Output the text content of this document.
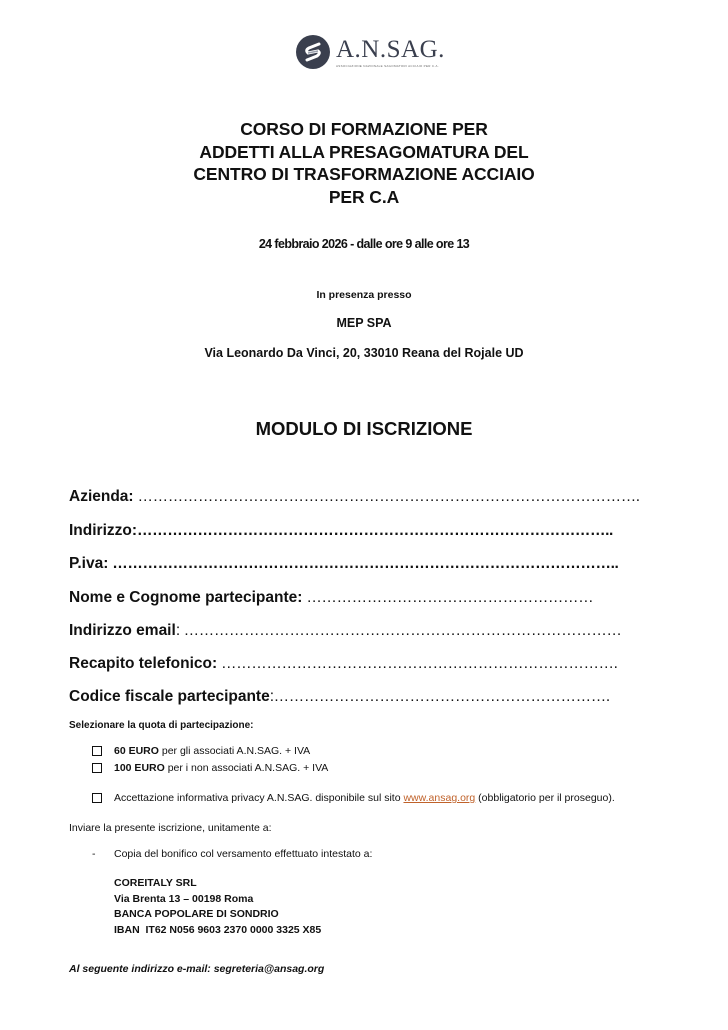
A.N.SAG.
ASSOCIAZIONE NAZIONALE SAGOMATORI ACCIAIO PER C.A.
CORSO DI FORMAZIONE PER
ADDETTI ALLA PRESAGOMATURA DEL
CENTRO DI TRASFORMAZIONE ACCIAIO
PER C.A
24 febbraio 2026 - dalle ore 9 alle ore 13
In presenza presso
MEP SPA
Via Leonardo Da Vinci, 20, 33010 Reana del Rojale UD
MODULO DI ISCRIZIONE
Azienda: ……………………………………………………………………………………….
Indirizzo:…………………………………………………………………………………..
P.iva: ………………………………………………………………………………………..
Nome e Cognome partecipante: …………………………………………………
Indirizzo email: ……………………………………………………………………………
Recapito telefonico: …………………………………………………………………….
Codice fiscale partecipante:………………………………………………………….
Selezionare la quota di partecipazione:
60 EURO per gli associati A.N.SAG. + IVA
100 EURO per i non associati A.N.SAG. + IVA
Accettazione informativa privacy A.N.SAG. disponibile sul sito www.ansag.org (obbligatorio per il proseguo).
Inviare la presente iscrizione, unitamente a:
-	Copia del bonifico col versamento effettuato intestato a:
COREITALY SRL
Via Brenta 13 – 00198 Roma
BANCA POPOLARE DI SONDRIO
IBAN  IT62 N056 9603 2370 0000 3325 X85
Al seguente indirizzo e-mail: segreteria@ansag.org
